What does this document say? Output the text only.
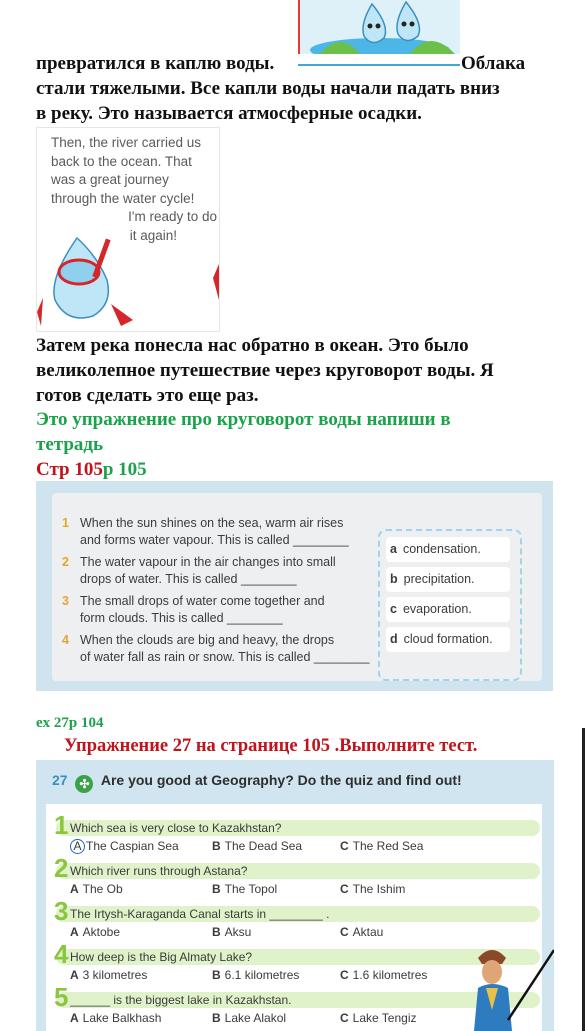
превратился в каплю воды.	Облака
стали тяжелыми. Все капли воды начали падать вниз
в реку. Это называется атмосферные осадки.
Then, the river carried us
back to the ocean. That
was a great journey
through the water cycle!
I'm ready to do
it again!
Затем река понесла нас обратно в океан. Это было
великолепное путешествие через круговорот воды. Я
готов сделать это еще раз.
Это упражнение про круговорот воды напиши в
тетрадь
Стр 105p 105
1 When the sun shines on the sea, warm air rises
and forms water vapour. This is called ________
2 The water vapour in the air changes into small
drops of water. This is called ________
3 The small drops of water come together and
form clouds. This is called ________
4 When the clouds are big and heavy, the drops
of water fall as rain or snow. This is called ________
a condensation.
b precipitation.
c evaporation.
d cloud formation.
ex 27p 104
Упражнение 27 на странице 105 .Выполните тест.
27 ✣ Are you good at Geography? Do the quiz and find out!
1 Which sea is very close to Kazakhstan?
A The Caspian Sea	B The Dead Sea	C The Red Sea
2 Which river runs through Astana?
A The Ob	B The Topol	C The Ishim
3 The Irtysh-Karaganda Canal starts in ________ .
A Aktobe	B Aksu	C Aktau
4 How deep is the Big Almaty Lake?
A 3 kilometres	B 6.1 kilometres	C 1.6 kilometres
5 ______ is the biggest lake in Kazakhstan.
A Lake Balkhash	B Lake Alakol	C Lake Tengiz
